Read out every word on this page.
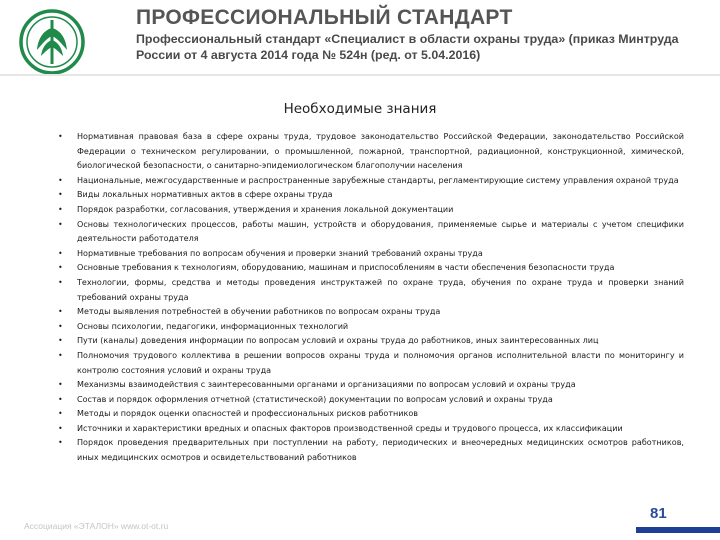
ПРОФЕССИОНАЛЬНЫЙ СТАНДАРТ
Профессиональный стандарт «Специалист в области охраны труда» (приказ Минтруда России от 4 августа 2014 года № 524н (ред. от 5.04.2016)
Необходимые знания
• Нормативная правовая база в сфере охраны труда, трудовое законодательство Российской Федерации, законодательство Российской Федерации о техническом регулировании, о промышленной, пожарной, транспортной, радиационной, конструкционной, химической, биологической безопасности, о санитарно-эпидемиологическом благополучии населения
• Национальные, межгосударственные и распространенные зарубежные стандарты, регламентирующие систему управления охраной труда
• Виды локальных нормативных актов в сфере охраны труда
• Порядок разработки, согласования, утверждения и хранения локальной документации
• Основы технологических процессов, работы машин, устройств и оборудования, применяемые сырье и материалы с учетом специфики деятельности работодателя
• Нормативные требования по вопросам обучения и проверки знаний требований охраны труда
• Основные требования к технологиям, оборудованию, машинам и приспособлениям в части обеспечения безопасности труда
• Технологии, формы, средства и методы проведения инструктажей по охране труда, обучения по охране труда и проверки знаний требований охраны труда
• Методы выявления потребностей в обучении работников по вопросам охраны труда
• Основы психологии, педагогики, информационных технологий
• Пути (каналы) доведения информации по вопросам условий и охраны труда до работников, иных заинтересованных лиц
• Полномочия трудового коллектива в решении вопросов охраны труда и полномочия органов исполнительной власти по мониторингу и контролю состояния условий и охраны труда
• Механизмы взаимодействия с заинтересованными органами и организациями по вопросам условий и охраны труда
• Состав и порядок оформления отчетной (статистической) документации по вопросам условий и охраны труда
• Методы и порядок оценки опасностей и профессиональных рисков работников
• Источники и характеристики вредных и опасных факторов производственной среды и трудового процесса, их классификации
• Порядок проведения предварительных при поступлении на работу, периодических и внеочередных медицинских осмотров работников, иных медицинских осмотров и освидетельствований работников
Ассоциация «ЭТАЛОН» www.ot-ot.ru
81
